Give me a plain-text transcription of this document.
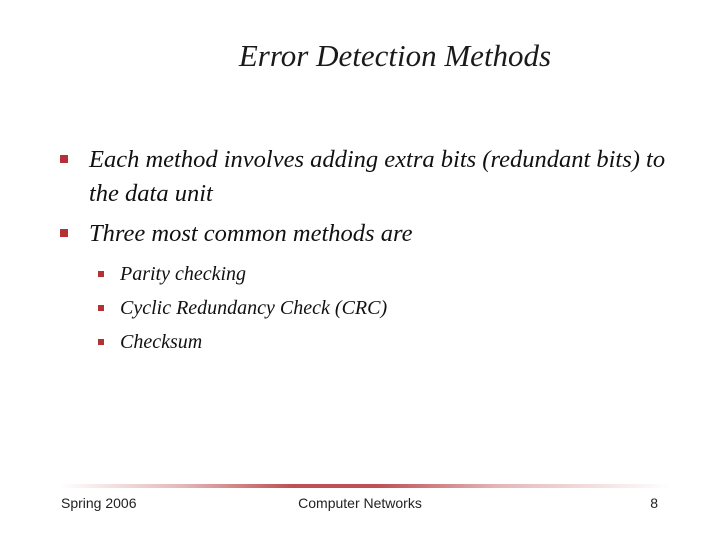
Error Detection Methods
Each method involves adding extra bits (redundant bits) to the data unit
Three most common methods are
Parity checking
Cyclic Redundancy Check (CRC)
Checksum
Spring 2006	Computer Networks	8
